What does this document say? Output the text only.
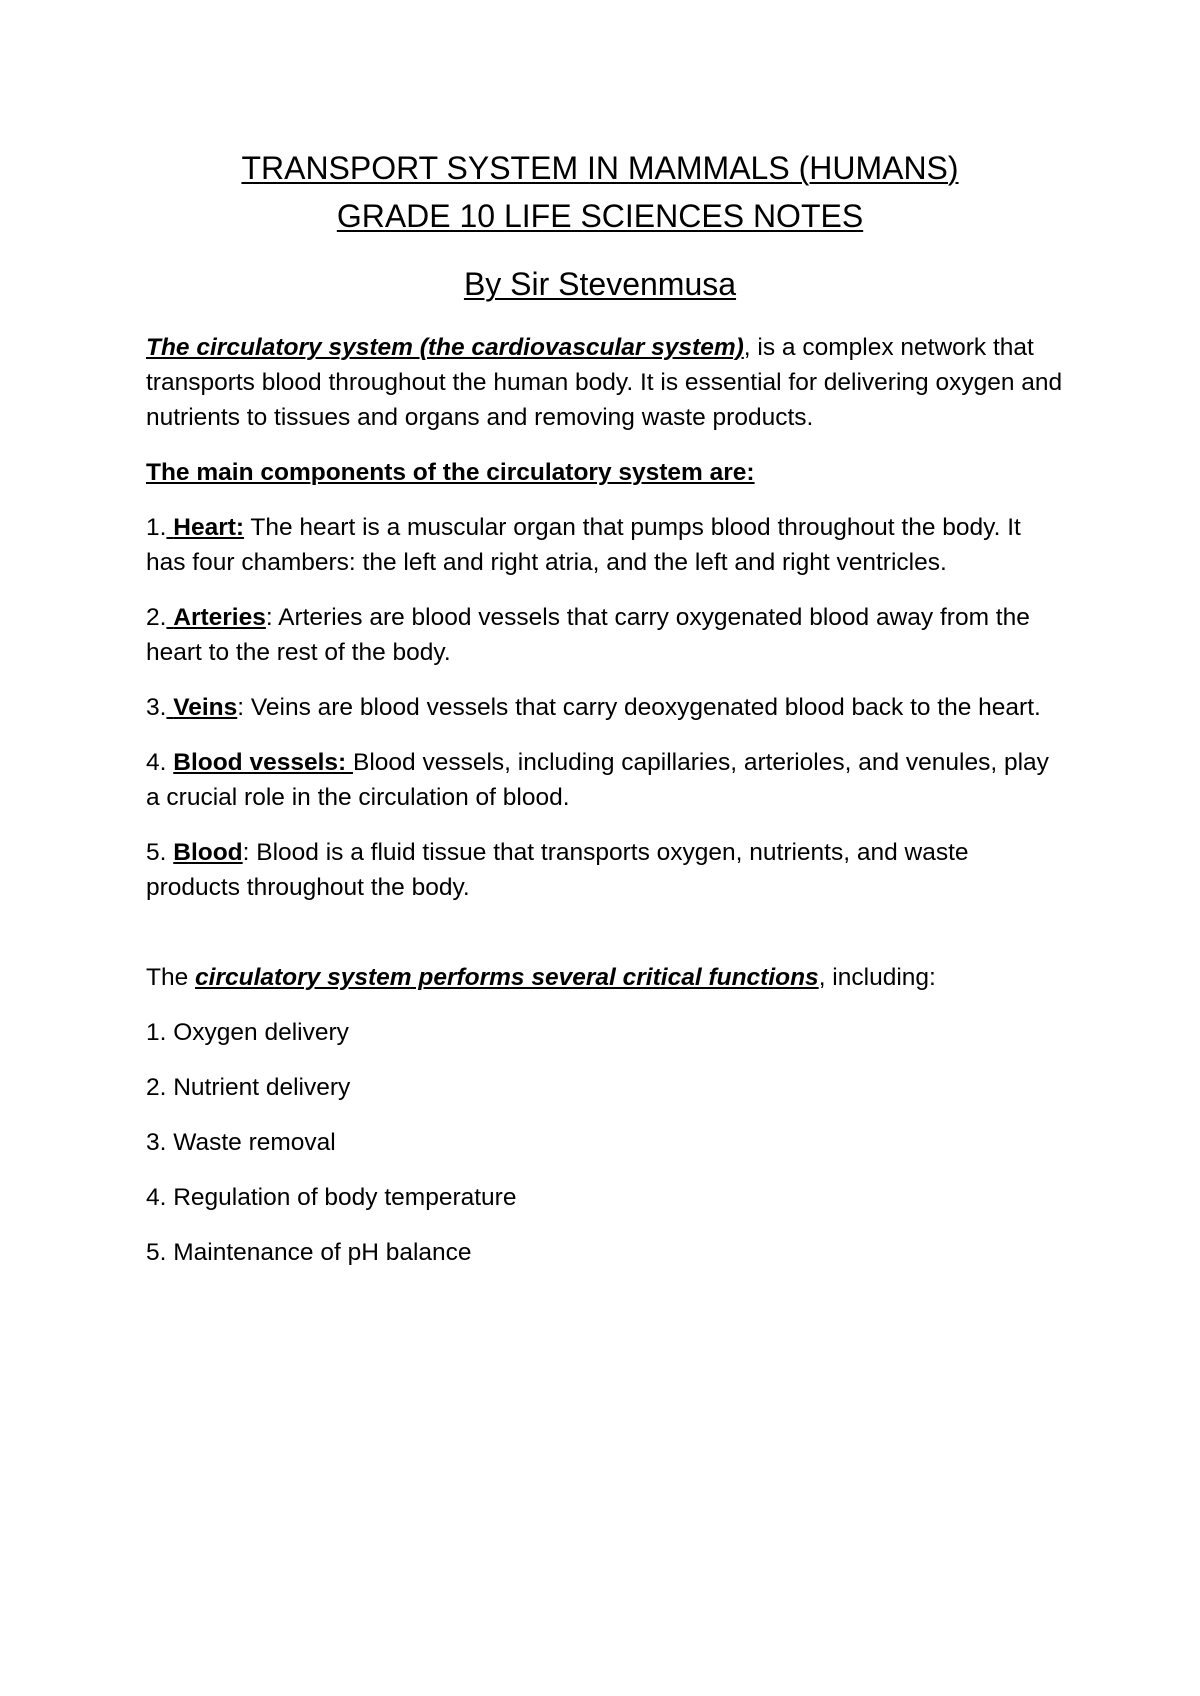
TRANSPORT SYSTEM IN MAMMALS (HUMANS)
GRADE 10 LIFE SCIENCES NOTES
By Sir Stevenmusa

The circulatory system (the cardiovascular system), is a complex network that transports blood throughout the human body. It is essential for delivering oxygen and nutrients to tissues and organs and removing waste products.

The main components of the circulatory system are:

1. Heart: The heart is a muscular organ that pumps blood throughout the body. It has four chambers: the left and right atria, and the left and right ventricles.

2. Arteries: Arteries are blood vessels that carry oxygenated blood away from the heart to the rest of the body.

3. Veins: Veins are blood vessels that carry deoxygenated blood back to the heart.

4. Blood vessels: Blood vessels, including capillaries, arterioles, and venules, play a crucial role in the circulation of blood.

5. Blood: Blood is a fluid tissue that transports oxygen, nutrients, and waste products throughout the body.

The circulatory system performs several critical functions, including:

1. Oxygen delivery

2. Nutrient delivery

3. Waste removal

4. Regulation of body temperature

5. Maintenance of pH balance
